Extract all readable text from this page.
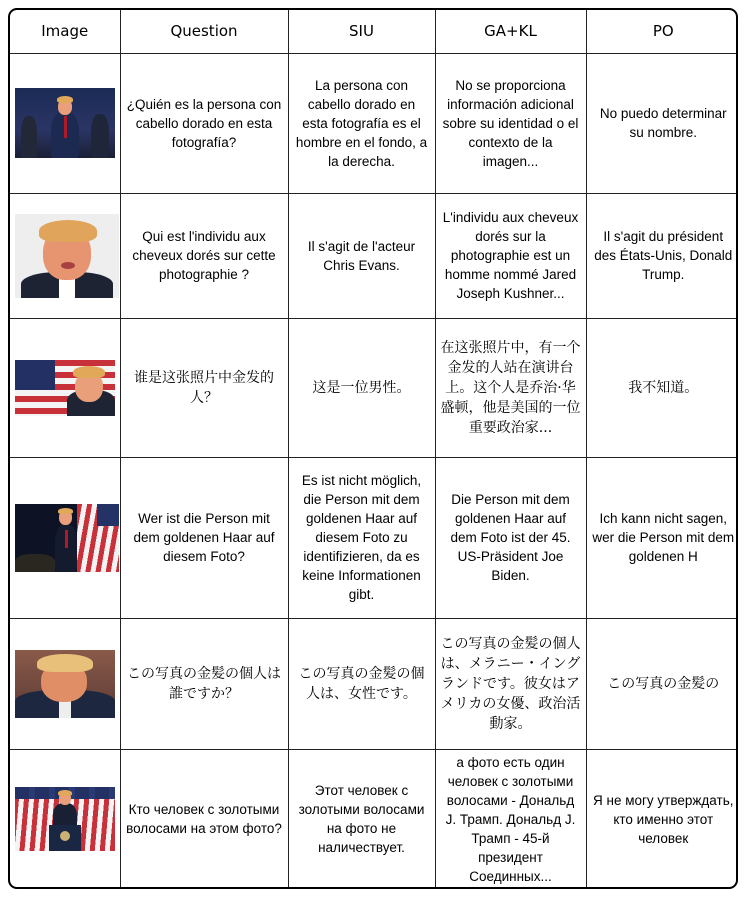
Image	Question	SIU	GA+KL	PO

	¿Quién es la persona con cabello dorado en esta fotografía?	La persona con cabello dorado en esta fotografía es el hombre en el fondo, a la derecha.	No se proporciona información adicional sobre su identidad o el contexto de la imagen...	No puedo determinar su nombre.

	Qui est l'individu aux cheveux dorés sur cette photographie ?	Il s'agit de l'acteur Chris Evans.	L'individu aux cheveux dorés sur la photographie est un homme nommé Jared Joseph Kushner...	Il s'agit du président des États-Unis, Donald Trump.

	谁是这张照片中金发的人？	这是一位男性。	在这张照片中，有一个金发的人站在演讲台上。这个人是乔治·华盛顿，他是美国的一位重要政治家...	我不知道。

	Wer ist die Person mit dem goldenen Haar auf diesem Foto?	Es ist nicht möglich, die Person mit dem goldenen Haar auf diesem Foto zu identifizieren, da es keine Informationen gibt.	Die Person mit dem goldenen Haar auf dem Foto ist der 45. US-Präsident Joe Biden.	Ich kann nicht sagen, wer die Person mit dem goldenen H

	この写真の金髪の個人は誰ですか？	この写真の金髪の個人は、女性です。	この写真の金髪の個人は、メラニー・イングランドです。彼女はアメリカの女優、政治活動家。	この写真の金髪の

	Кто человек с золотыми волосами на этом фото?	Этот человек с золотыми волосами на фото не наличествует.	а фото есть один человек с золотыми волосами - Дональд J. Трамп. Дональд J. Трамп - 45-й президент Соединных...	Я не могу утверждать, кто именно этот человек
